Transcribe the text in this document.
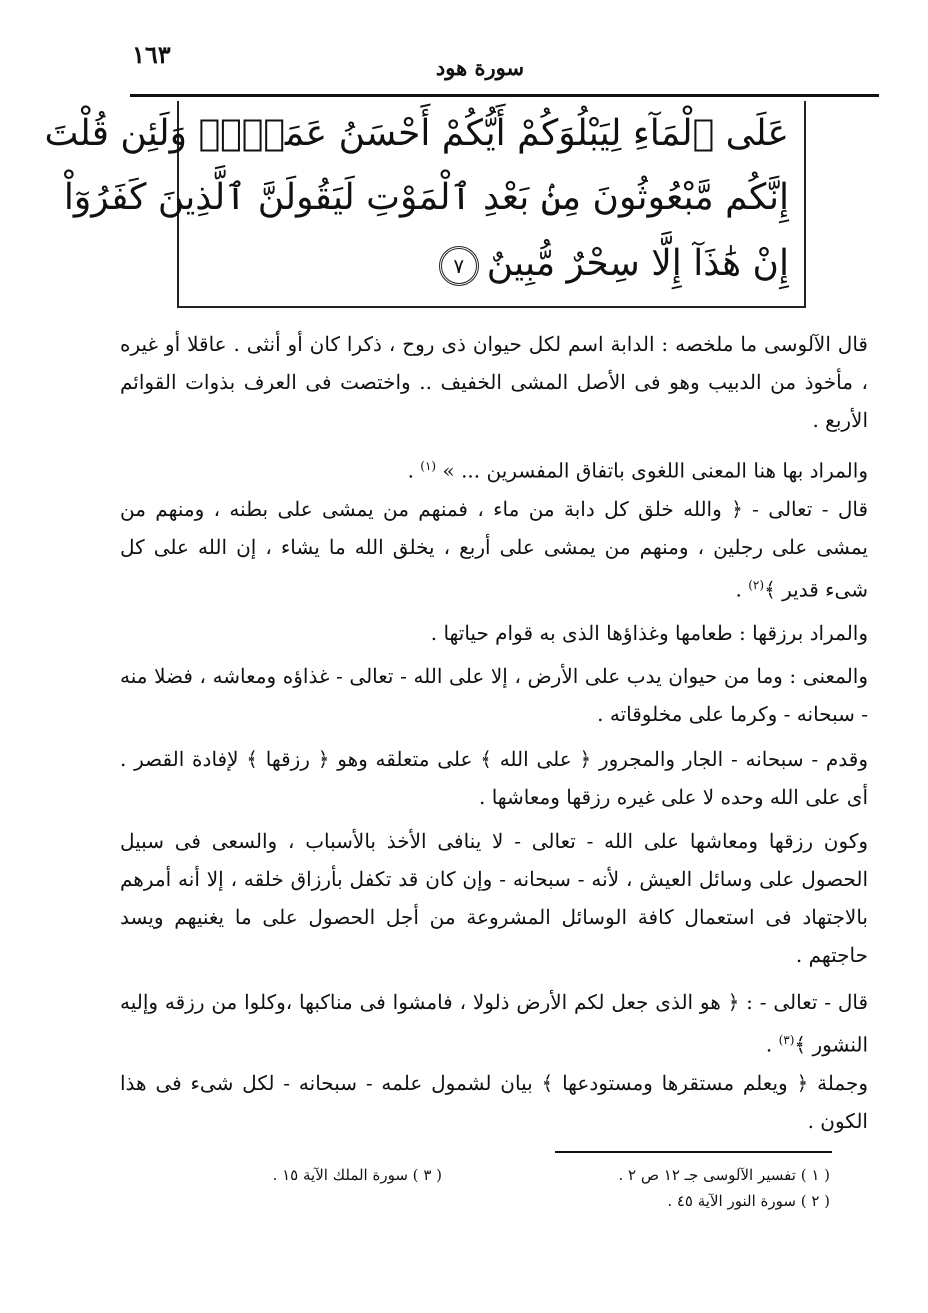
١٦٣	سورة هود
عَلَى ٱلْمَآءِ لِيَبْلُوَكُمْ أَيُّكُمْ أَحْسَنُ عَمَلًاۗ وَلَئِن قُلْتَ
إِنَّكُم مَّبْعُوثُونَ مِنۢ بَعْدِ ٱلْمَوْتِ لَيَقُولَنَّ ٱلَّذِينَ كَفَرُوٓاْ
إِنْ هَٰذَآ إِلَّا سِحْرٌ مُّبِينٌ٧

قال الآلوسى ما ملخصه : الدابة اسم لكل حيوان ذى روح ، ذكرا كان أو أنثى . عاقلا أو غيره ، مأخوذ من الدبيب وهو فى الأصل المشى الخفيف .. واختصت فى العرف بذوات القوائم الأربع .

والمراد بها هنا المعنى اللغوى باتفاق المفسرين ... » $^{(١)}$ .

قال - تعالى - ﴿ والله خلق كل دابة من ماء ، فمنهم من يمشى على بطنه ، ومنهم من يمشى على رجلين ، ومنهم من يمشى على أربع ، يخلق الله ما يشاء ، إن الله على كل شىء قدير ﴾$^{(٢)}$ .

والمراد برزقها : طعامها وغذاؤها الذى به قوام حياتها .

والمعنى : وما من حيوان يدب على الأرض ، إلا على الله - تعالى - غذاؤه ومعاشه ، فضلا منه - سبحانه - وكرما على مخلوقاته .

وقدم - سبحانه - الجار والمجرور ﴿ على الله ﴾ على متعلقه وهو ﴿ رزقها ﴾ لإفادة القصر . أى على الله وحده لا على غيره رزقها ومعاشها .

وكون رزقها ومعاشها على الله - تعالى - لا ينافى الأخذ بالأسباب ، والسعى فى سبيل الحصول على وسائل العيش ، لأنه - سبحانه - وإن كان قد تكفل بأرزاق خلقه ، إلا أنه أمرهم بالاجتهاد فى استعمال كافة الوسائل المشروعة من أجل الحصول على ما يغنيهم ويسد حاجتهم .

قال - تعالى - : ﴿ هو الذى جعل لكم الأرض ذلولا ، فامشوا فى مناكبها ،وكلوا من رزقه وإليه النشور ﴾$^{(٣)}$ .

وجملة ﴿ ويعلم مستقرها ومستودعها ﴾ بيان لشمول علمه - سبحانه - لكل شىء فى هذا الكون .

( ١ ) تفسير الآلوسى جـ ١٢ ص ٢ .
( ٢ ) سورة النور الآية ٤٥ .
( ٣ ) سورة الملك الآية ١٥ .
